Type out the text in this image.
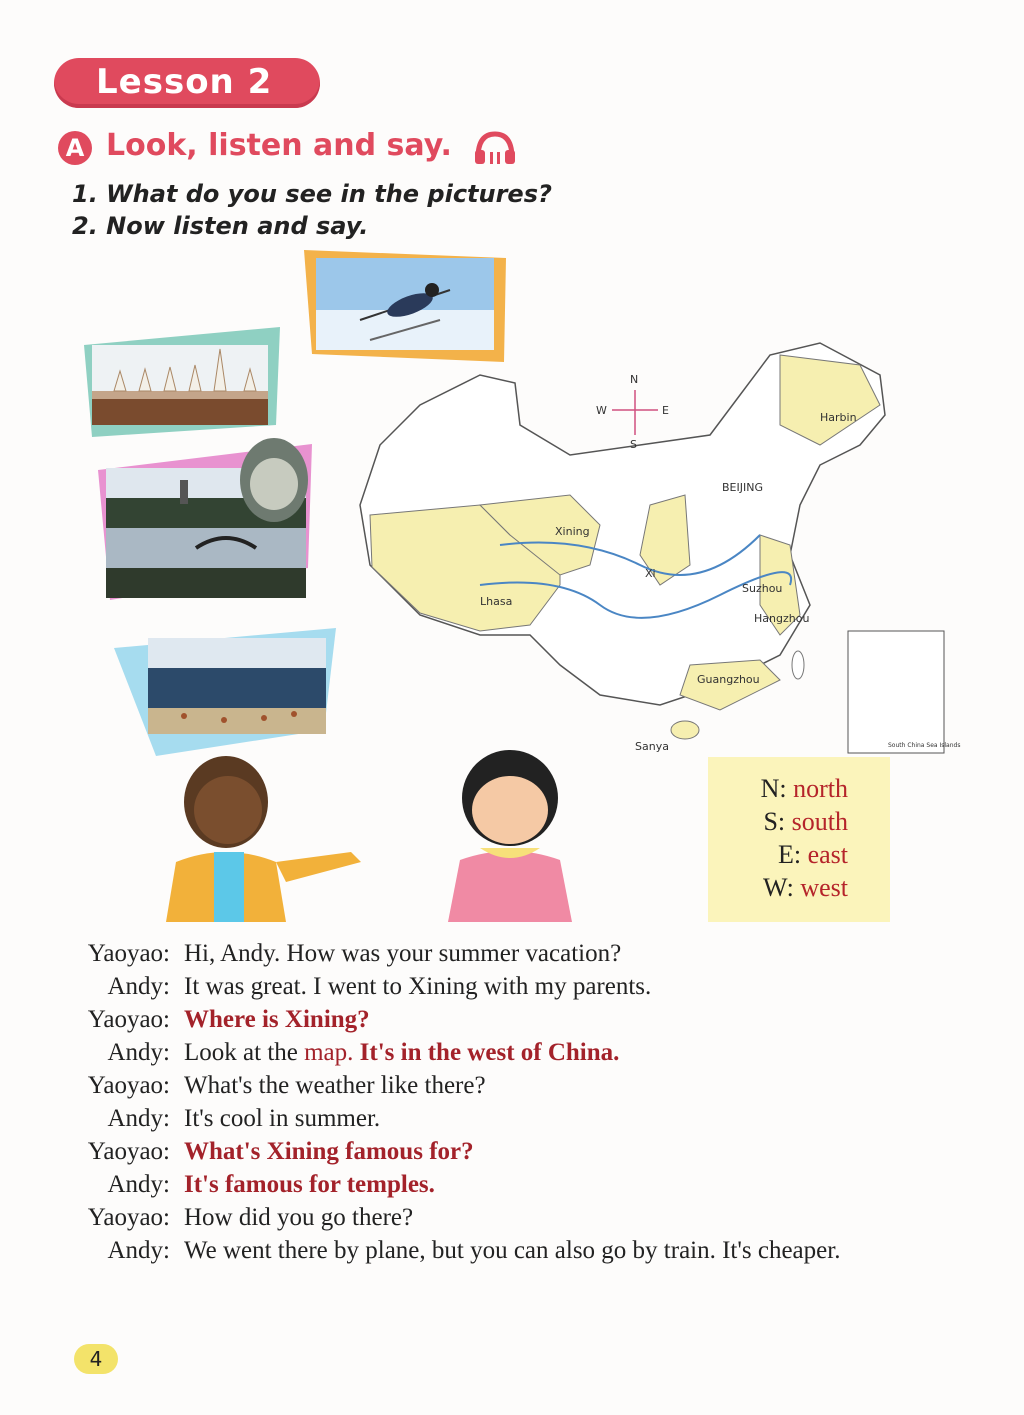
Lesson 2
A Look, listen and say.
1. What do you see in the pictures?
2. Now listen and say.
N
S
E
W
Harbin
BEIJING
Xining
Xi
Lhasa
Suzhou
Hangzhou
Guangzhou
Sanya	South China Sea Islands
N: north
S: south
E: east
W: west
Yaoyao: Hi, Andy. How was your summer vacation?
Andy: It was great. I went to Xining with my parents.
Yaoyao: Where is Xining?
Andy: Look at the map. It's in the west of China.
Yaoyao: What's the weather like there?
Andy: It's cool in summer.
Yaoyao: What's Xining famous for?
Andy: It's famous for temples.
Yaoyao: How did you go there?
Andy: We went there by plane, but you can also go by train. It's cheaper.
4
